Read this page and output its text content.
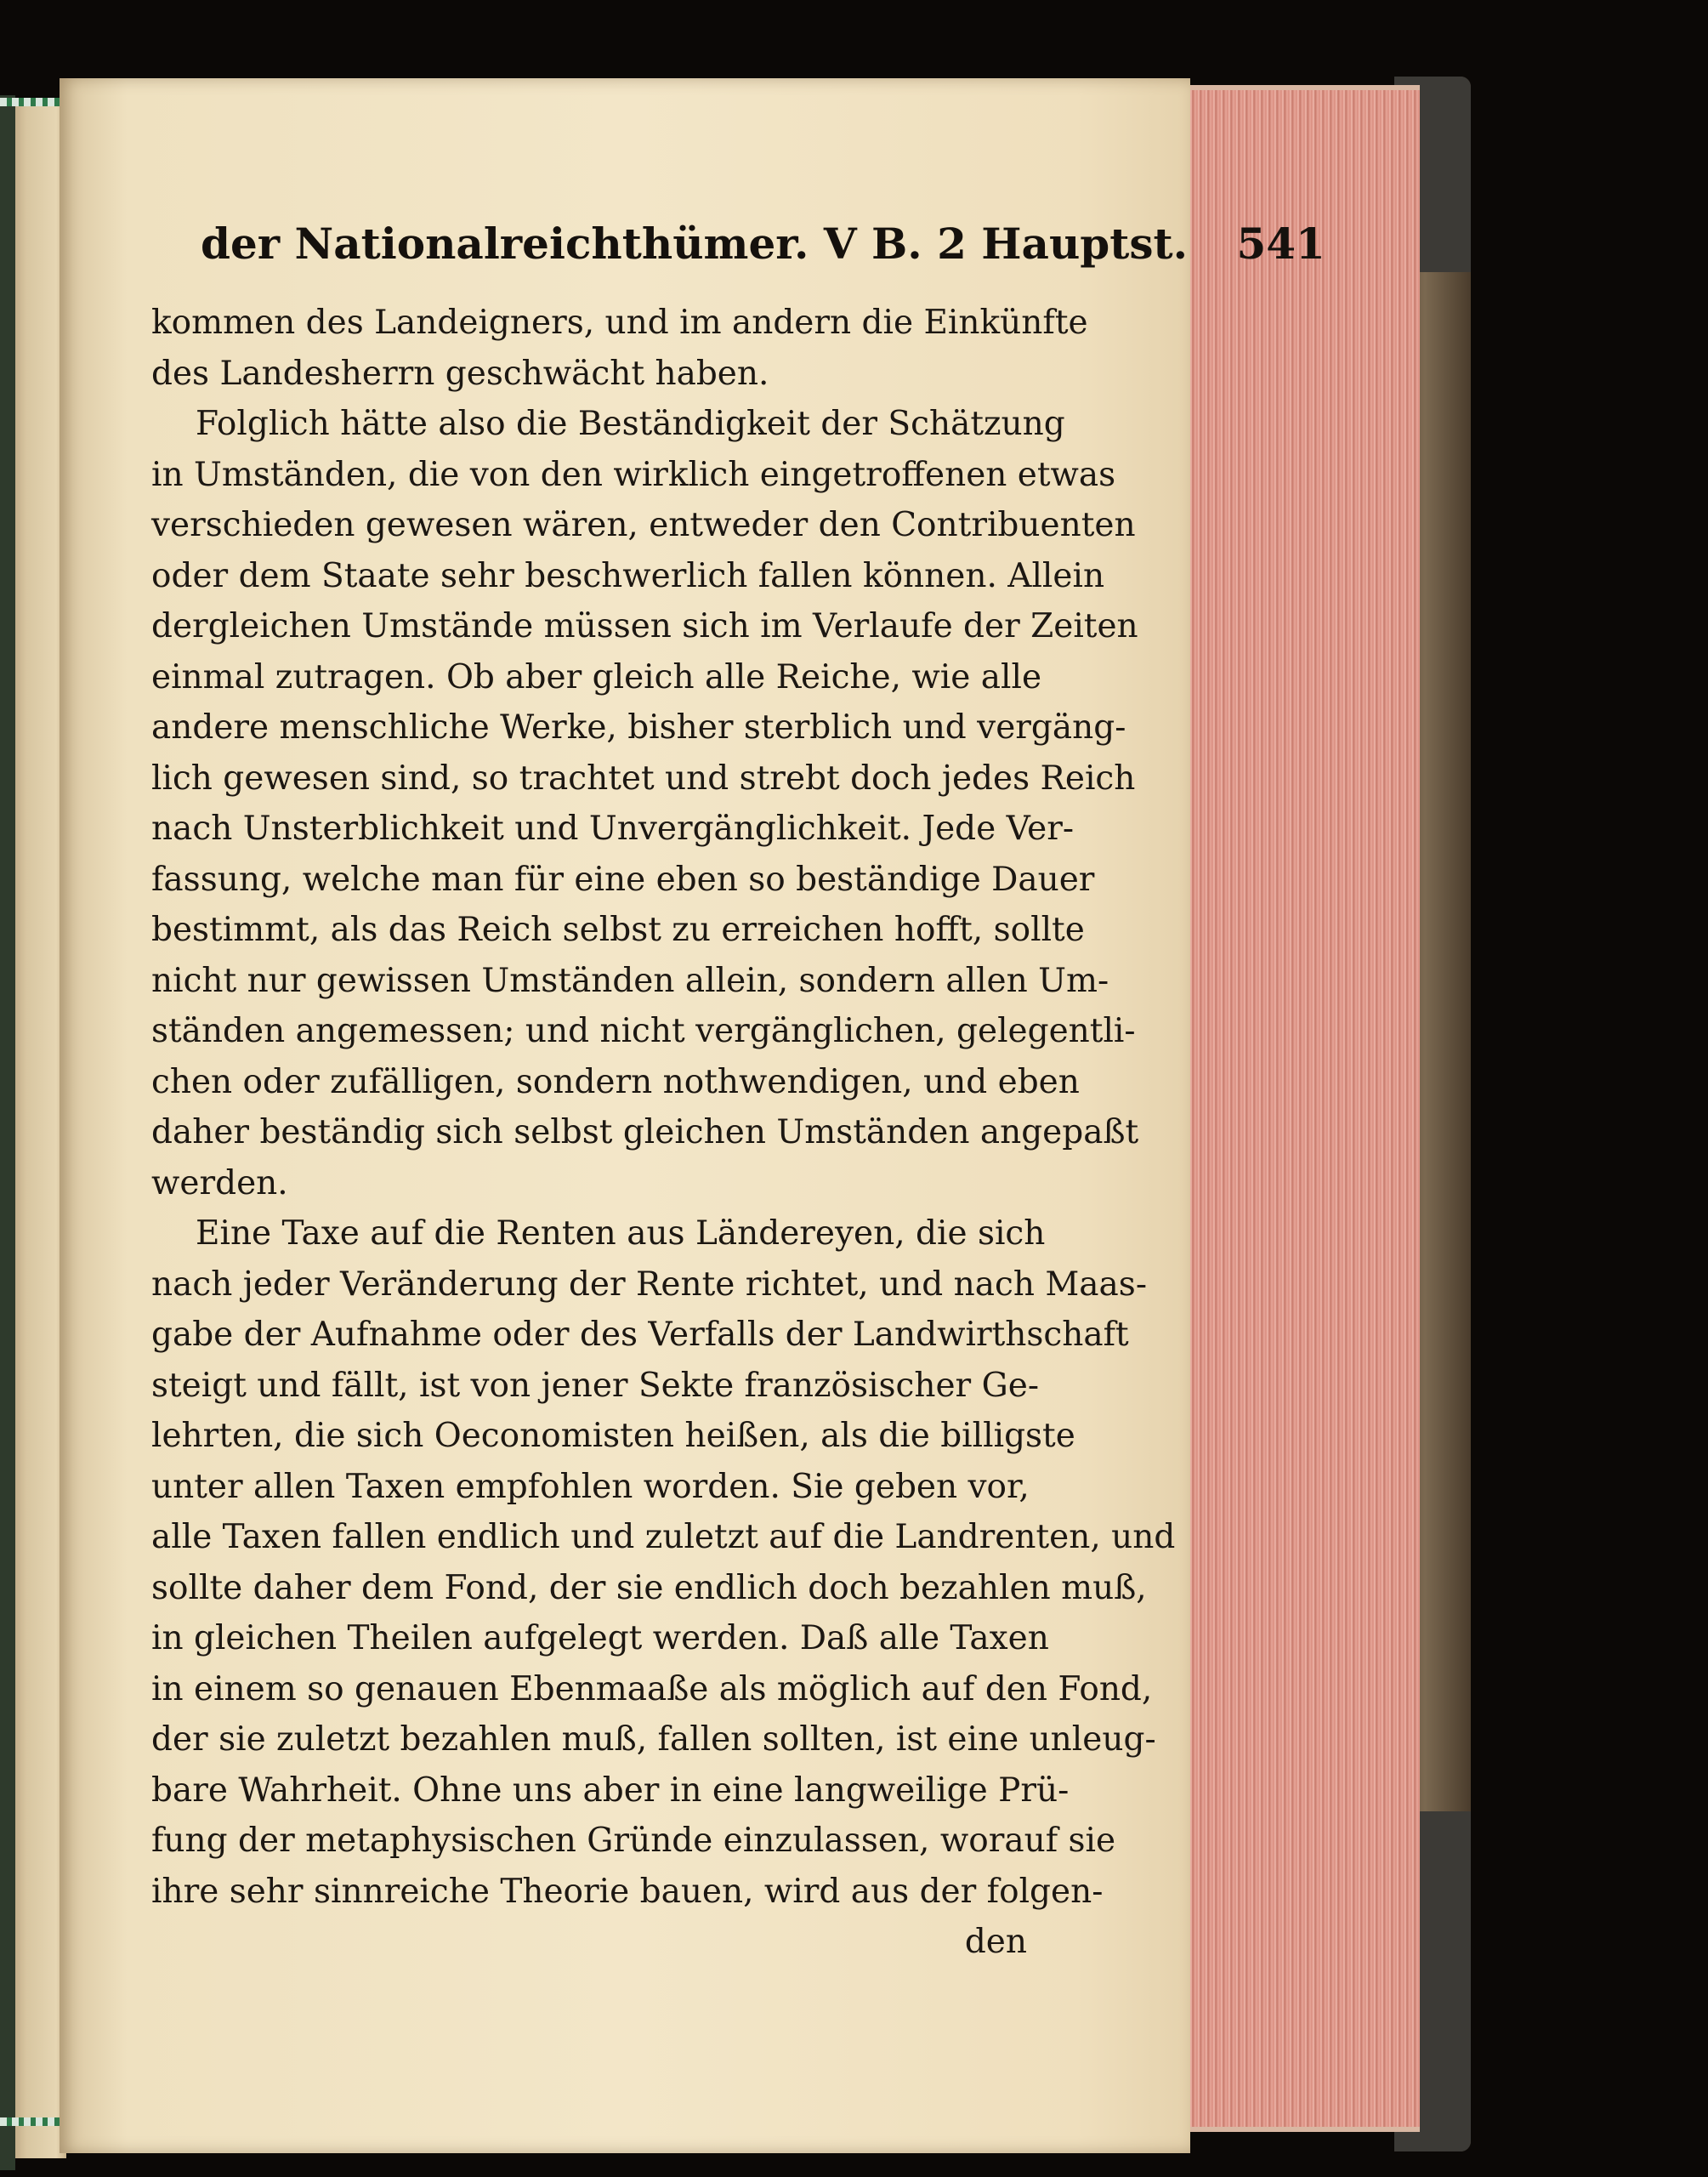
der Nationalreichthümer. V B. 2 Hauptst. 541
kommen des Landeigners, und im andern die Einkünfte
des Landesherrn geschwächt haben.
Folglich hätte also die Beständigkeit der Schätzung
in Umständen, die von den wirklich eingetroffenen etwas
verschieden gewesen wären, entweder den Contribuenten
oder dem Staate sehr beschwerlich fallen können. Allein
dergleichen Umstände müssen sich im Verlaufe der Zeiten
einmal zutragen. Ob aber gleich alle Reiche, wie alle
andere menschliche Werke, bisher sterblich und vergäng-
lich gewesen sind, so trachtet und strebt doch jedes Reich
nach Unsterblichkeit und Unvergänglichkeit. Jede Ver-
fassung, welche man für eine eben so beständige Dauer
bestimmt, als das Reich selbst zu erreichen hofft, sollte
nicht nur gewissen Umständen allein, sondern allen Um-
ständen angemessen; und nicht vergänglichen, gelegentli-
chen oder zufälligen, sondern nothwendigen, und eben
daher beständig sich selbst gleichen Umständen angepaßt
werden.
Eine Taxe auf die Renten aus Ländereyen, die sich
nach jeder Veränderung der Rente richtet, und nach Maas-
gabe der Aufnahme oder des Verfalls der Landwirthschaft
steigt und fällt, ist von jener Sekte französischer Ge-
lehrten, die sich Oeconomisten heißen, als die billigste
unter allen Taxen empfohlen worden. Sie geben vor,
alle Taxen fallen endlich und zuletzt auf die Landrenten, und
sollte daher dem Fond, der sie endlich doch bezahlen muß,
in gleichen Theilen aufgelegt werden. Daß alle Taxen
in einem so genauen Ebenmaaße als möglich auf den Fond,
der sie zuletzt bezahlen muß, fallen sollten, ist eine unleug-
bare Wahrheit. Ohne uns aber in eine langweilige Prü-
fung der metaphysischen Gründe einzulassen, worauf sie
ihre sehr sinnreiche Theorie bauen, wird aus der folgen-
den
